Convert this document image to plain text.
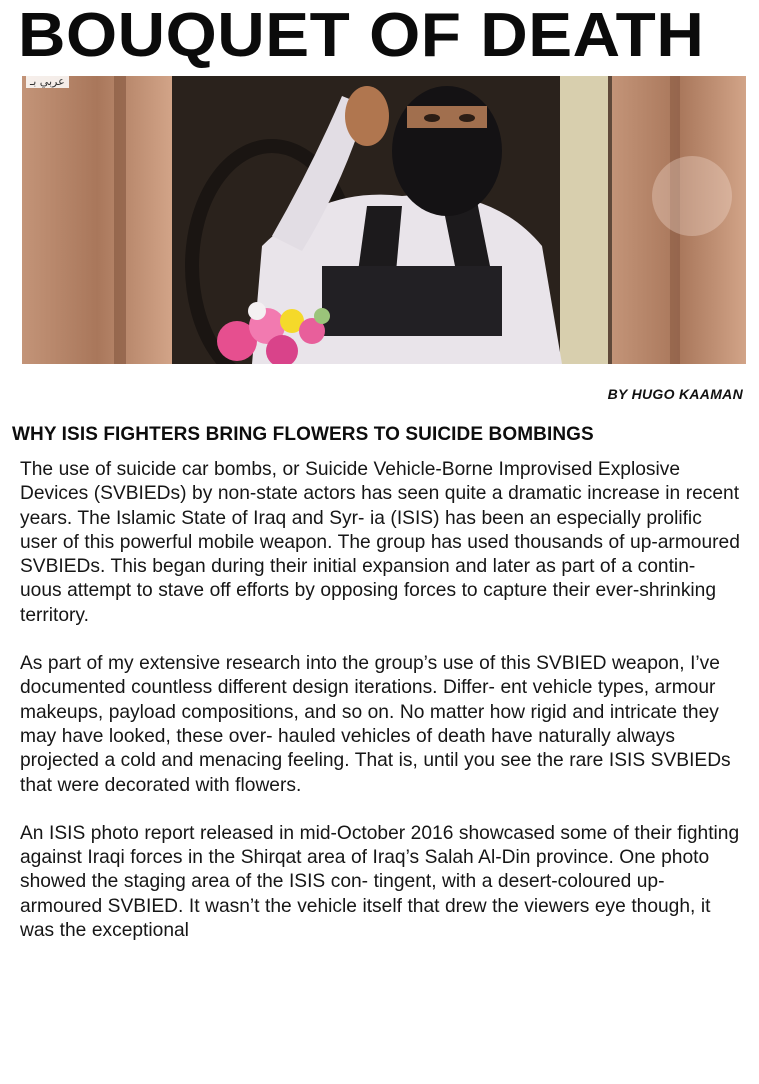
BOUQUET OF DEATH
عربي بـ
BY HUGO KAAMAN
WHY ISIS FIGHTERS BRING FLOWERS TO SUICIDE BOMBINGS

The use of suicide car bombs, or Suicide Vehicle-Borne Improvised Explosive Devices (SVBIEDs) by non-state actors has seen quite a dramatic increase in recent years. The Islamic State of Iraq and Syr- ia (ISIS) has been an especially prolific user of this powerful mobile weapon. The group has used thousands of up-armoured SVBIEDs. This began during their initial expansion and later as part of a contin- uous attempt to stave off efforts by opposing forces to capture their ever-shrinking territory.

As part of my extensive research into the group’s use of this SVBIED weapon, I’ve documented countless different design iterations. Differ- ent vehicle types, armour makeups, payload compositions, and so on. No matter how rigid and intricate they may have looked, these over- hauled vehicles of death have naturally always projected a cold and menacing feeling. That is, until you see the rare ISIS SVBIEDs that were decorated with flowers.

An ISIS photo report released in mid-October 2016 showcased some of their fighting against Iraqi forces in the Shirqat area of Iraq’s Salah Al-Din province. One photo showed the staging area of the ISIS con- tingent, with a desert-coloured up-armoured SVBIED. It wasn’t the vehicle itself that drew the viewers eye though, it was the exceptional
